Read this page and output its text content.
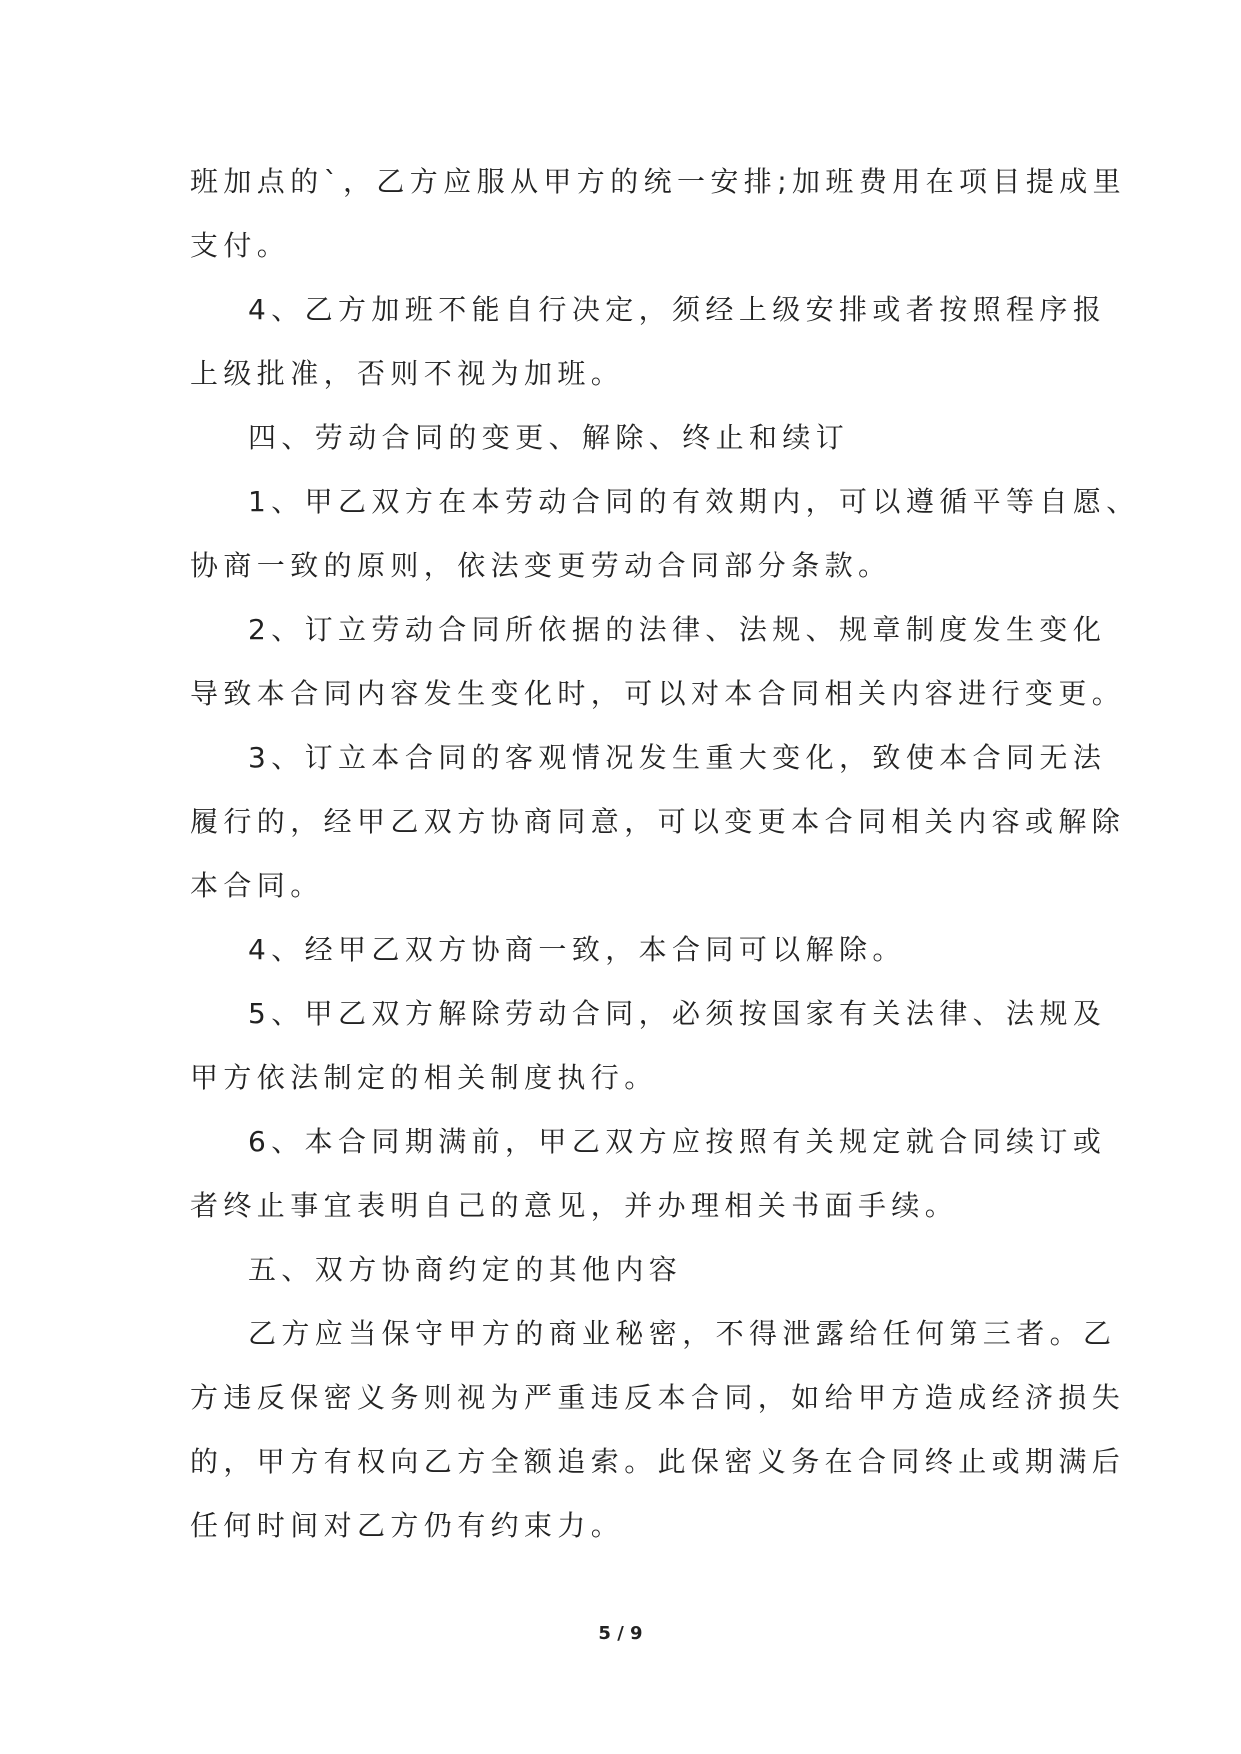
班加点的`，乙方应服从甲方的统一安排;加班费用在项目提成里
支付。
4、乙方加班不能自行决定，须经上级安排或者按照程序报
上级批准，否则不视为加班。
四、劳动合同的变更、解除、终止和续订
1、甲乙双方在本劳动合同的有效期内，可以遵循平等自愿、
协商一致的原则，依法变更劳动合同部分条款。
2、订立劳动合同所依据的法律、法规、规章制度发生变化
导致本合同内容发生变化时，可以对本合同相关内容进行变更。
3、订立本合同的客观情况发生重大变化，致使本合同无法
履行的，经甲乙双方协商同意，可以变更本合同相关内容或解除
本合同。
4、经甲乙双方协商一致，本合同可以解除。
5、甲乙双方解除劳动合同，必须按国家有关法律、法规及
甲方依法制定的相关制度执行。
6、本合同期满前，甲乙双方应按照有关规定就合同续订或
者终止事宜表明自己的意见，并办理相关书面手续。
五、双方协商约定的其他内容
乙方应当保守甲方的商业秘密，不得泄露给任何第三者。乙
方违反保密义务则视为严重违反本合同，如给甲方造成经济损失
的，甲方有权向乙方全额追索。此保密义务在合同终止或期满后
任何时间对乙方仍有约束力。
5 / 9
